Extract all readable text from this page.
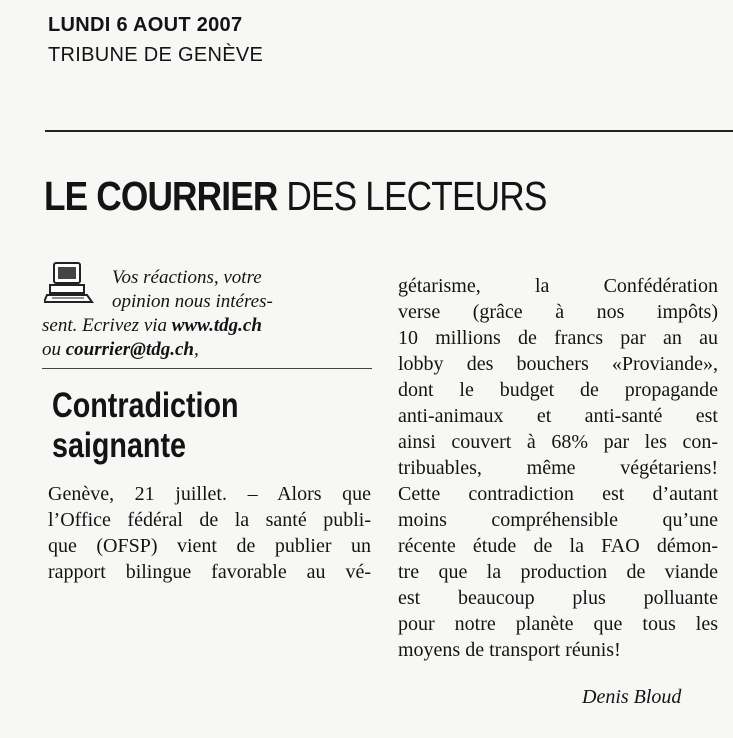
LUNDI 6 AOUT 2007
TRIBUNE DE GENÈVE
LE COURRIER DES LECTEURS
Vos réactions, votre
opinion nous intéres-
sent. Ecrivez via www.tdg.ch
ou courrier@tdg.ch,
Contradiction
saignante
Genève, 21 juillet. – Alors que
l’Office fédéral de la santé publi-
que (OFSP) vient de publier un
rapport bilingue favorable au vé-
gétarisme, la Confédération
verse (grâce à nos impôts)
10 millions de francs par an au
lobby des bouchers «Proviande»,
dont le budget de propagande
anti-animaux et anti-santé est
ainsi couvert à 68% par les con-
tribuables, même végétariens!
Cette contradiction est d’autant
moins compréhensible qu’une
récente étude de la FAO démon-
tre que la production de viande
est beaucoup plus polluante
pour notre planète que tous les
moyens de transport réunis!
Denis Bloud
